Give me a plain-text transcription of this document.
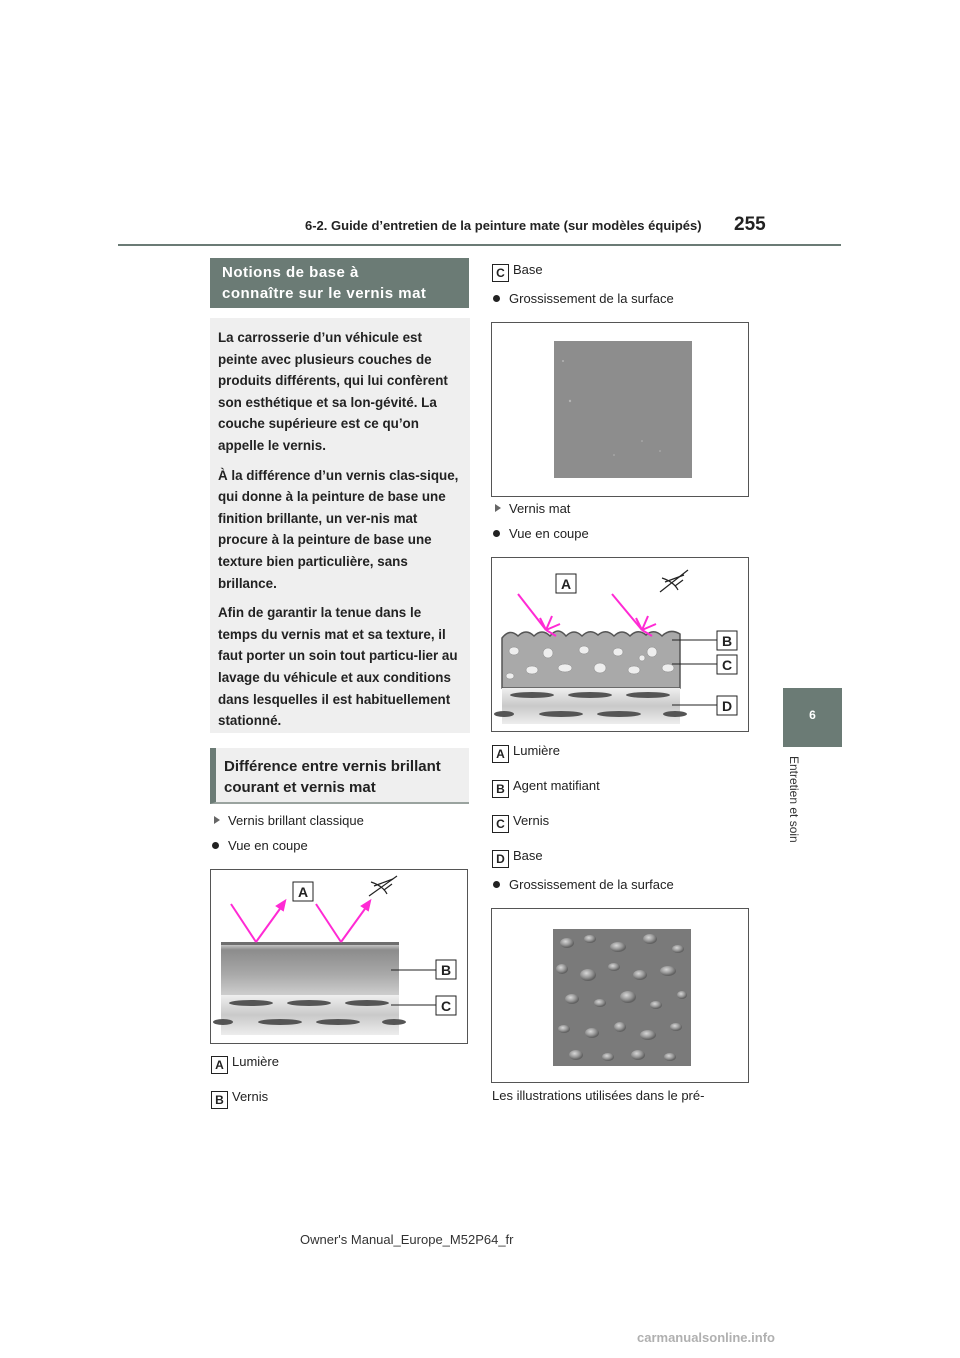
6-2. Guide d’entretien de la peinture mate (sur modèles équipés) 255
6
Entretien et soin
Notions de base à
connaître sur le vernis mat

La carrosserie d’un véhicule est peinte avec plusieurs couches de produits différents, qui lui confèrent son esthétique et sa lon-gévité. La couche supérieure est ce qu’on appelle le vernis.

À la différence d’un vernis clas-sique, qui donne à la peinture de base une finition brillante, un ver-nis mat procure à la peinture de base une texture bien particulière, sans brillance.

Afin de garantir la tenue dans le temps du vernis mat et sa texture, il faut porter un soin tout particu-lier au lavage du véhicule et aux conditions dans lesquelles il est habituellement stationné.

Différence entre vernis brillant
courant et vernis mat
Vernis brillant classique
Vue en coupe
A
B
C
A Lumière
B Vernis
C Base
Grossissement de la surface
Vernis mat
Vue en coupe
A
B
C
D
A Lumière
B Agent matifiant
C Vernis
D Base
Grossissement de la surface
Les illustrations utilisées dans le pré-
Owner's Manual_Europe_M52P64_fr
carmanualsonline.info
